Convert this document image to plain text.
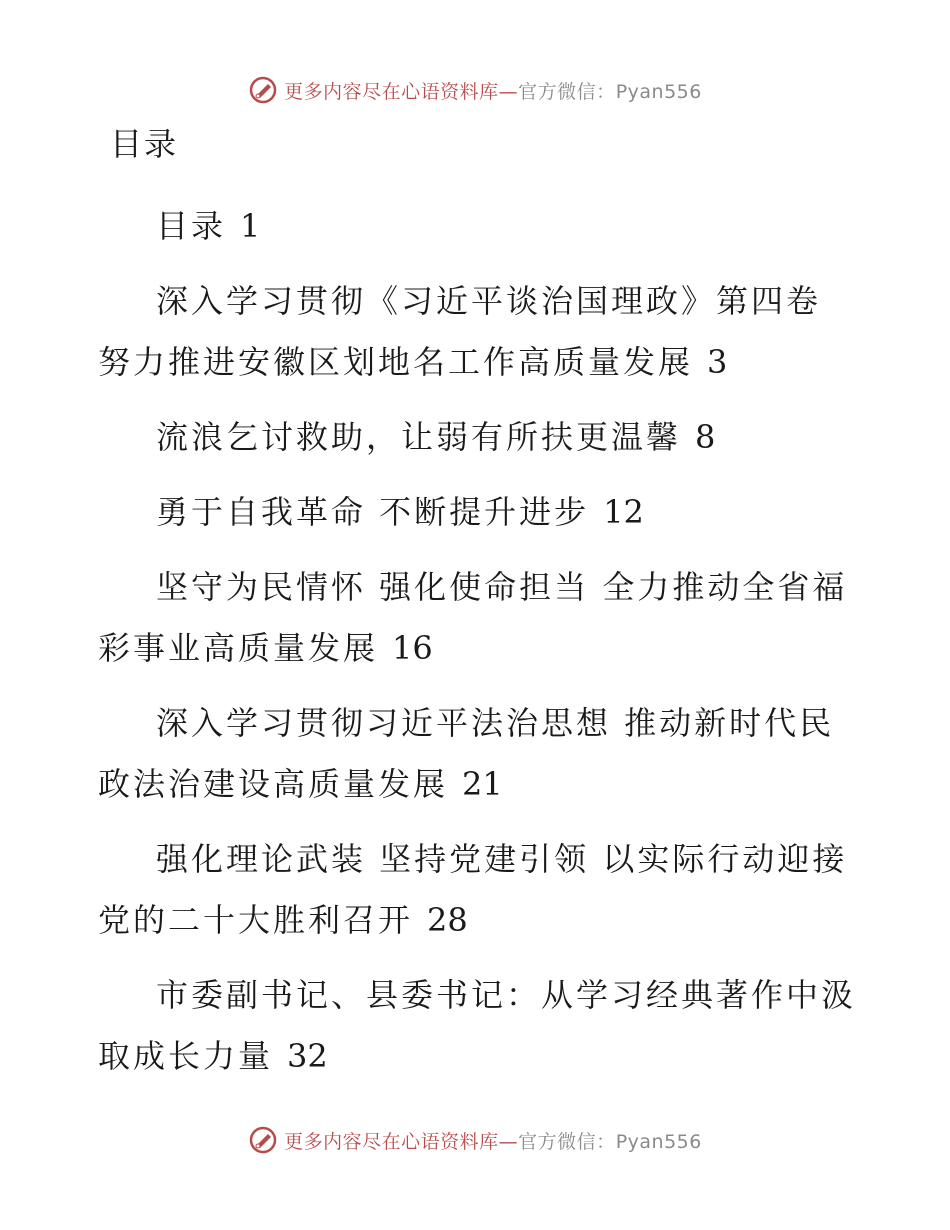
更多内容尽在心语资料库—官方微信：Pyan556
目录
目录 1
深入学习贯彻《习近平谈治国理政》第四卷 努力推进安徽区划地名工作高质量发展 3
流浪乞讨救助，让弱有所扶更温馨 8
勇于自我革命 不断提升进步 12
坚守为民情怀 强化使命担当 全力推动全省福彩事业高质量发展 16
深入学习贯彻习近平法治思想 推动新时代民政法治建设高质量发展 21
强化理论武装 坚持党建引领 以实际行动迎接党的二十大胜利召开 28
市委副书记、县委书记：从学习经典著作中汲取成长力量 32
更多内容尽在心语资料库—官方微信：Pyan556
